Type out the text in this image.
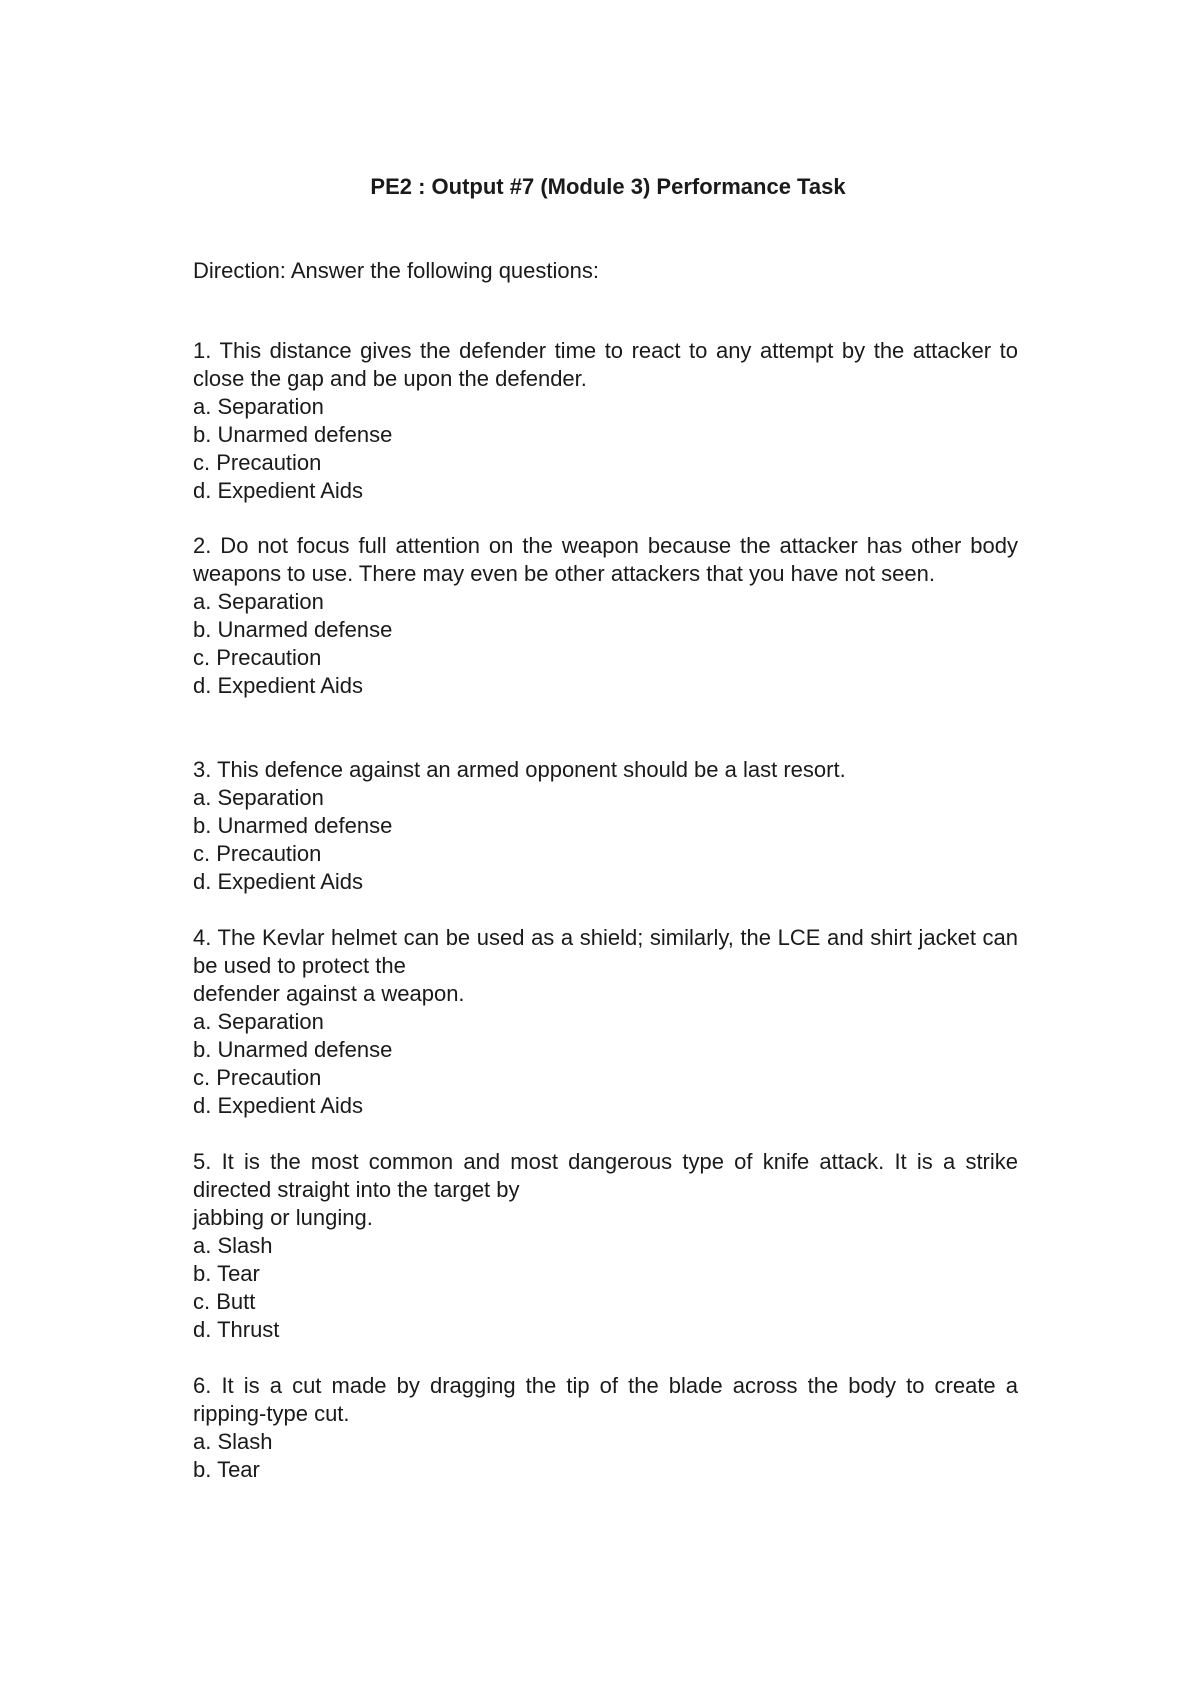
PE2 : Output #7 (Module 3) Performance Task
Direction: Answer the following questions:
1. This distance gives the defender time to react to any attempt by the attacker to close the gap and be upon the defender.
a. Separation
b. Unarmed defense
c. Precaution
d. Expedient Aids
2. Do not focus full attention on the weapon because the attacker has other body weapons to use. There may even be other attackers that you have not seen.
a. Separation
b. Unarmed defense
c. Precaution
d. Expedient Aids
3. This defence against an armed opponent should be a last resort.
a. Separation
b. Unarmed defense
c. Precaution
d. Expedient Aids
4. The Kevlar helmet can be used as a shield; similarly, the LCE and shirt jacket can be used to protect the
defender against a weapon.
a. Separation
b. Unarmed defense
c. Precaution
d. Expedient Aids
5. It is the most common and most dangerous type of knife attack. It is a strike directed straight into the target by
jabbing or lunging.
a. Slash
b. Tear
c. Butt
d. Thrust
6. It is a cut made by dragging the tip of the blade across the body to create a ripping-type cut.
a. Slash
b. Tear
